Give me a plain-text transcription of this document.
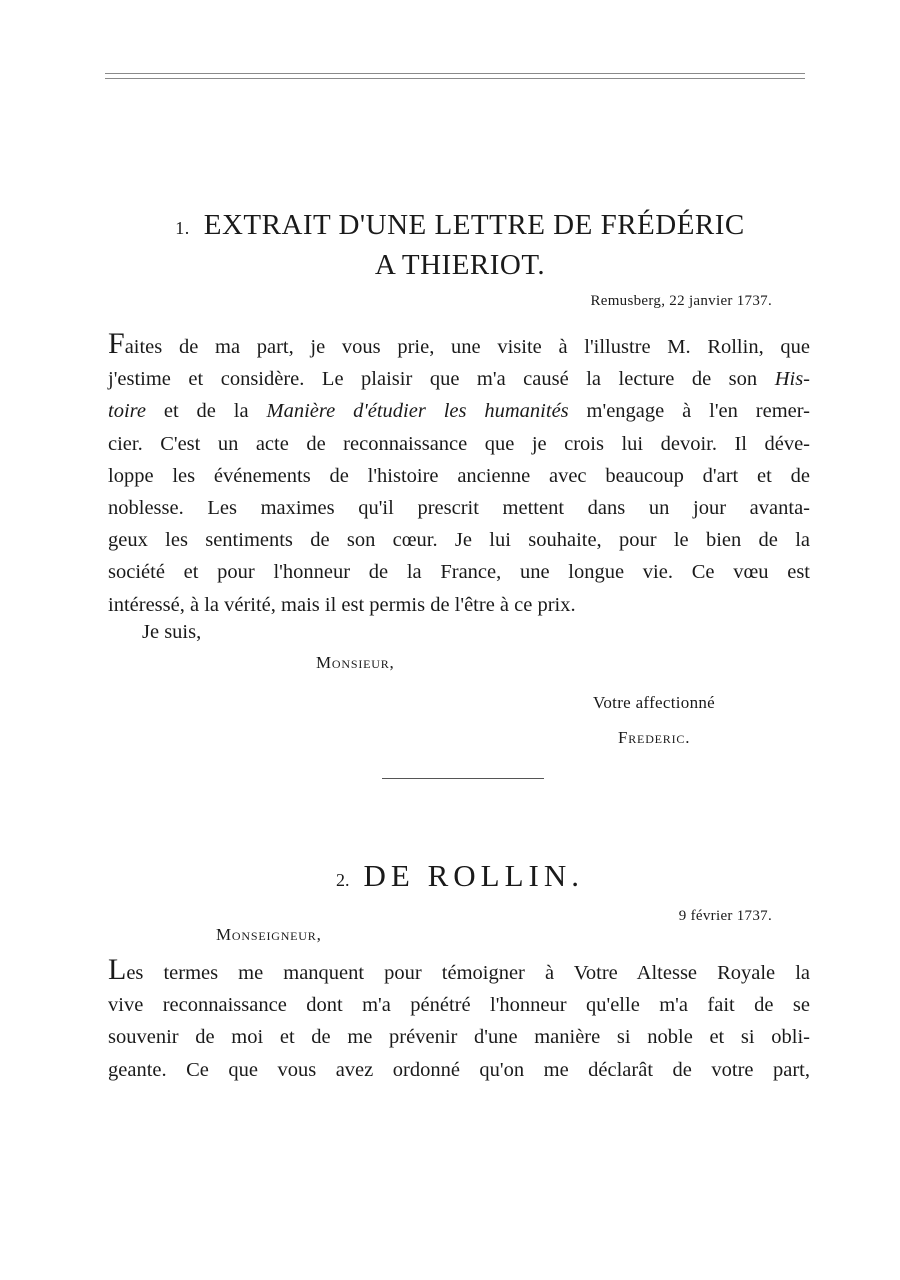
1. EXTRAIT D'UNE LETTRE DE FRÉDÉRIC
A THIERIOT.
Remusberg, 22 janvier 1737.
Faites de ma part, je vous prie, une visite à l'illustre M. Rollin, que
j'estime et considère. Le plaisir que m'a causé la lecture de son His-
toire et de la Manière d'étudier les humanités m'engage à l'en remer-
cier. C'est un acte de reconnaissance que je crois lui devoir. Il déve-
loppe les événements de l'histoire ancienne avec beaucoup d'art et de
noblesse. Les maximes qu'il prescrit mettent dans un jour avanta-
geux les sentiments de son cœur. Je lui souhaite, pour le bien de la
société et pour l'honneur de la France, une longue vie. Ce vœu est
intéressé, à la vérité, mais il est permis de l'être à ce prix.
Je suis,
Monsieur,
Votre affectionné
Frederic.
2. DE ROLLIN.
9 février 1737.
Monseigneur,
Les termes me manquent pour témoigner à Votre Altesse Royale la
vive reconnaissance dont m'a pénétré l'honneur qu'elle m'a fait de se
souvenir de moi et de me prévenir d'une manière si noble et si obli-
geante. Ce que vous avez ordonné qu'on me déclarât de votre part,
